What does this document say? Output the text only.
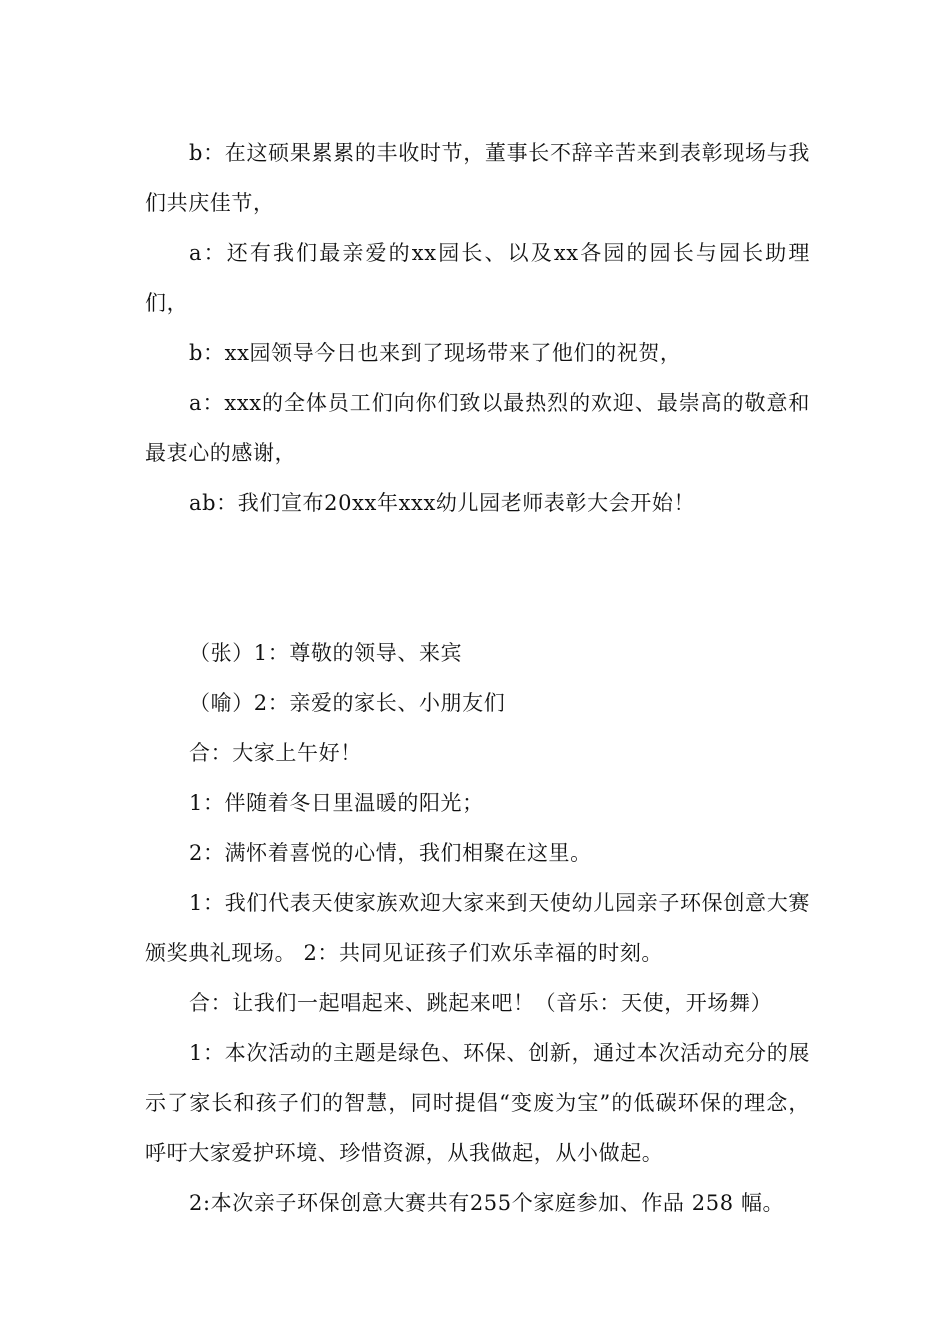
b：在这硕果累累的丰收时节，董事长不辞辛苦来到表彰现场与我们共庆佳节，

a：还有我们最亲爱的xx园长、以及xx各园的园长与园长助理们，

b：xx园领导今日也来到了现场带来了他们的祝贺，

a：xxx的全体员工们向你们致以最热烈的欢迎、最崇高的敬意和最衷心的感谢，

ab：我们宣布20xx年xxx幼儿园老师表彰大会开始！

（张）1：尊敬的领导、来宾

（喻）2：亲爱的家长、小朋友们

合：大家上午好！

1：伴随着冬日里温暖的阳光；

2：满怀着喜悦的心情，我们相聚在这里。

1：我们代表天使家族欢迎大家来到天使幼儿园亲子环保创意大赛颁奖典礼现场。 2：共同见证孩子们欢乐幸福的时刻。

合：让我们一起唱起来、跳起来吧！（音乐：天使，开场舞）

1：本次活动的主题是绿色、环保、创新，通过本次活动充分的展示了家长和孩子们的智慧，同时提倡“变废为宝”的低碳环保的理念，呼吁大家爱护环境、珍惜资源，从我做起，从小做起。

2:本次亲子环保创意大赛共有255个家庭参加、作品 258 幅。
